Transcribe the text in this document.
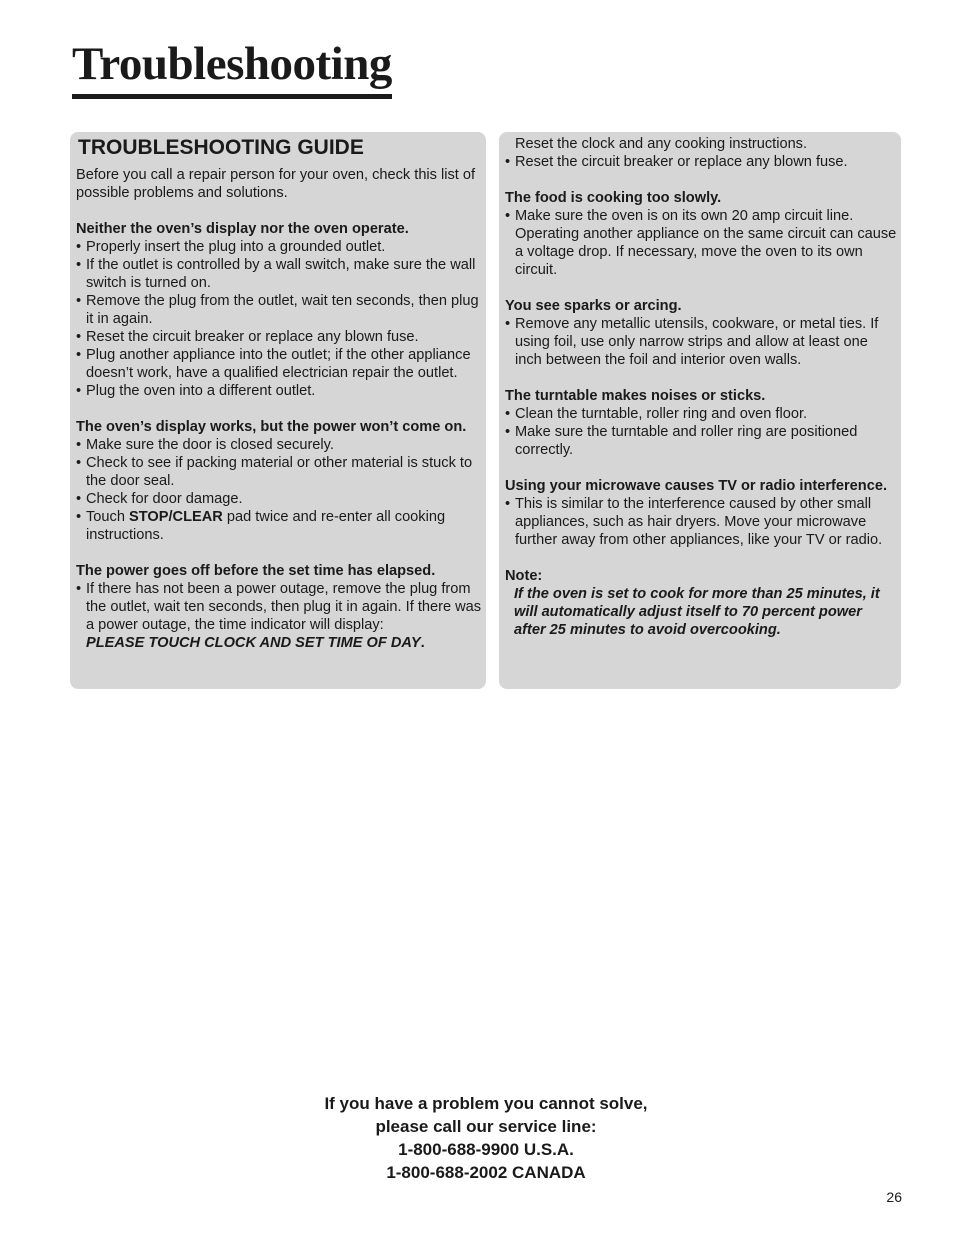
Troubleshooting
TROUBLESHOOTING GUIDE

Before you call a repair person for your oven, check this list of possible problems and solutions.

Neither the oven’s display nor the oven operate.

• Properly insert the plug into a grounded outlet.
• If the outlet is controlled by a wall switch, make sure the wall switch is turned on.
• Remove the plug from the outlet, wait ten seconds, then plug it in again.
• Reset the circuit breaker or replace any blown fuse.
• Plug another appliance into the outlet; if the other appliance doesn’t work, have a qualified electrician repair the outlet.
• Plug the oven into a different outlet.

The oven’s display works, but the power won’t come on.

• Make sure the door is closed securely.
• Check to see if packing material or other material is stuck to the door seal.
• Check for door damage.
• Touch STOP/CLEAR pad twice and re-enter all cooking instructions.

The power goes off before the set time has elapsed.

• If there has not been a power outage, remove the plug from the outlet, wait ten seconds, then plug it in again. If there was a power outage, the time indicator will display:
PLEASE TOUCH CLOCK AND SET TIME OF DAY.
Reset the clock and any cooking instructions.
• Reset the circuit breaker or replace any blown fuse.

The food is cooking too slowly.

• Make sure the oven is on its own 20 amp circuit line. Operating another appliance on the same circuit can cause a voltage drop. If necessary, move the oven to its own circuit.

You see sparks or arcing.

• Remove any metallic utensils, cookware, or metal ties. If using foil, use only narrow strips and allow at least one inch between the foil and interior oven walls.

The turntable makes noises or sticks.

• Clean the turntable, roller ring and oven floor.
• Make sure the turntable and roller ring are positioned correctly.

Using your microwave causes TV or radio interference.

• This is similar to the interference caused by other small appliances, such as hair dryers. Move your microwave further away from other appliances, like your TV or radio.

Note:

If the oven is set to cook for more than 25 minutes, it will automatically adjust itself to 70 percent power after 25 minutes to avoid overcooking.

If you have a problem you cannot solve,
please call our service line:
1-800-688-9900 U.S.A.
1-800-688-2002 CANADA
26
